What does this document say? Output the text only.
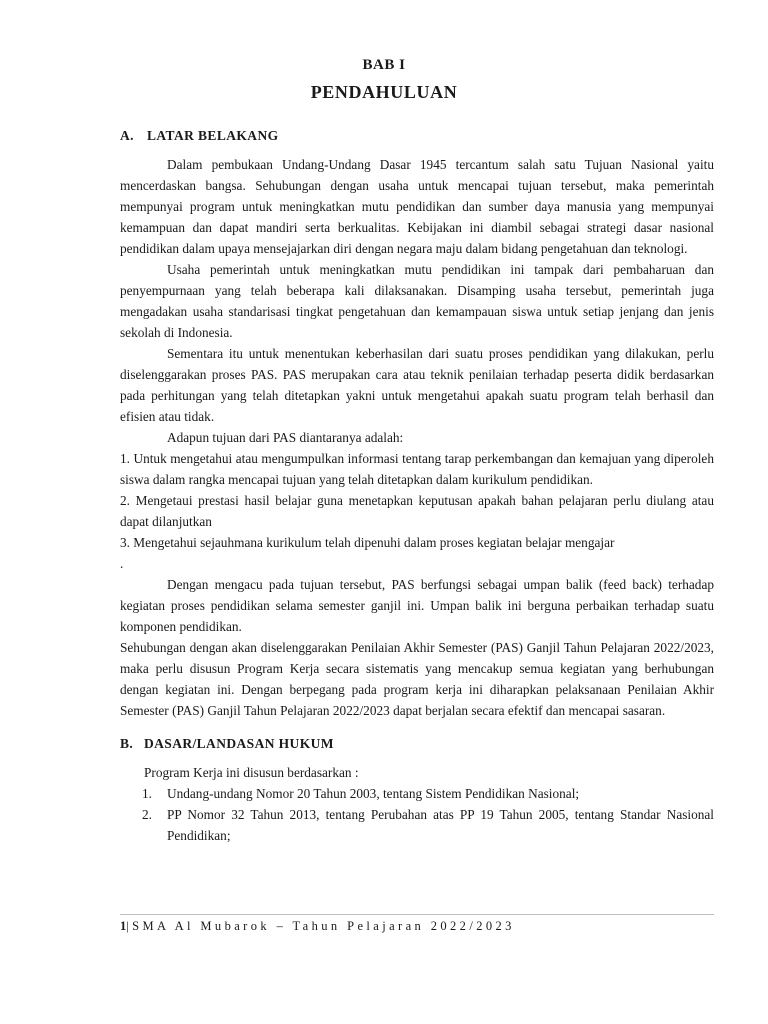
BAB I
PENDAHULUAN
A. LATAR BELAKANG

Dalam pembukaan Undang-Undang Dasar 1945 tercantum salah satu Tujuan Nasional yaitu mencerdaskan bangsa. Sehubungan dengan usaha untuk mencapai tujuan tersebut, maka pemerintah mempunyai program untuk meningkatkan mutu pendidikan dan sumber daya manusia yang mempunyai kemampuan dan dapat mandiri serta berkualitas. Kebijakan ini diambil sebagai strategi dasar nasional pendidikan dalam upaya mensejajarkan diri dengan negara maju dalam bidang pengetahuan dan teknologi.

Usaha pemerintah untuk meningkatkan mutu pendidikan ini tampak dari pembaharuan dan penyempurnaan yang telah beberapa kali dilaksanakan. Disamping usaha tersebut, pemerintah juga mengadakan usaha standarisasi tingkat pengetahuan dan kemampauan siswa untuk setiap jenjang dan jenis sekolah di Indonesia.

Sementara itu untuk menentukan keberhasilan dari suatu proses pendidikan yang dilakukan, perlu diselenggarakan proses PAS. PAS merupakan cara atau teknik penilaian terhadap peserta didik berdasarkan pada perhitungan yang telah ditetapkan yakni untuk mengetahui apakah suatu program telah berhasil dan efisien atau tidak.

Adapun tujuan dari PAS diantaranya adalah:

1. Untuk mengetahui atau mengumpulkan informasi tentang tarap perkembangan dan kemajuan yang diperoleh siswa dalam rangka mencapai tujuan yang telah ditetapkan dalam kurikulum pendidikan.

2. Mengetaui prestasi hasil belajar guna menetapkan keputusan apakah bahan pelajaran perlu diulang atau dapat dilanjutkan

3. Mengetahui sejauhmana kurikulum telah dipenuhi dalam proses kegiatan belajar mengajar

.

Dengan mengacu pada tujuan tersebut, PAS berfungsi sebagai umpan balik (feed back) terhadap kegiatan proses pendidikan selama semester ganjil ini. Umpan balik ini berguna perbaikan terhadap suatu komponen pendidikan.

Sehubungan dengan akan diselenggarakan Penilaian Akhir Semester (PAS) Ganjil Tahun Pelajaran 2022/2023, maka perlu disusun Program Kerja secara sistematis yang mencakup semua kegiatan yang berhubungan dengan kegiatan ini. Dengan berpegang pada program kerja ini diharapkan pelaksanaan Penilaian Akhir Semester (PAS) Ganjil Tahun Pelajaran 2022/2023 dapat berjalan secara efektif dan mencapai sasaran.

B. DASAR/LANDASAN HUKUM

Program Kerja ini disusun berdasarkan :

1. Undang-undang Nomor 20 Tahun 2003, tentang Sistem Pendidikan Nasional;
2. PP Nomor 32 Tahun 2013, tentang Perubahan atas PP 19 Tahun 2005, tentang Standar Nasional Pendidikan;
1|SMA Al Mubarok – Tahun Pelajaran 2022/2023
